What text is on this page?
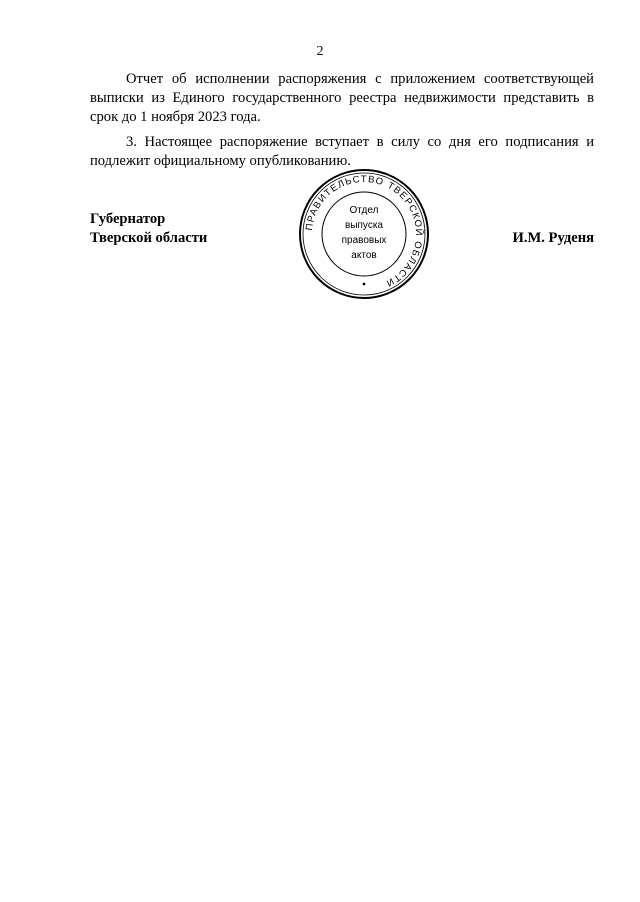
2

Отчет об исполнении распоряжения с приложением соответствующей выписки из Единого государственного реестра недвижимости представить в срок до 1 ноября 2023 года.

3. Настоящее распоряжение вступает в силу со дня его подписания и подлежит официальному опубликованию.

Губернатор
Тверской области	И.М. Руденя
ПРАВИТЕЛЬСТВО ТВЕРСКОЙ ОБЛАСТИ
Отдел
выпуска
правовых
актов
